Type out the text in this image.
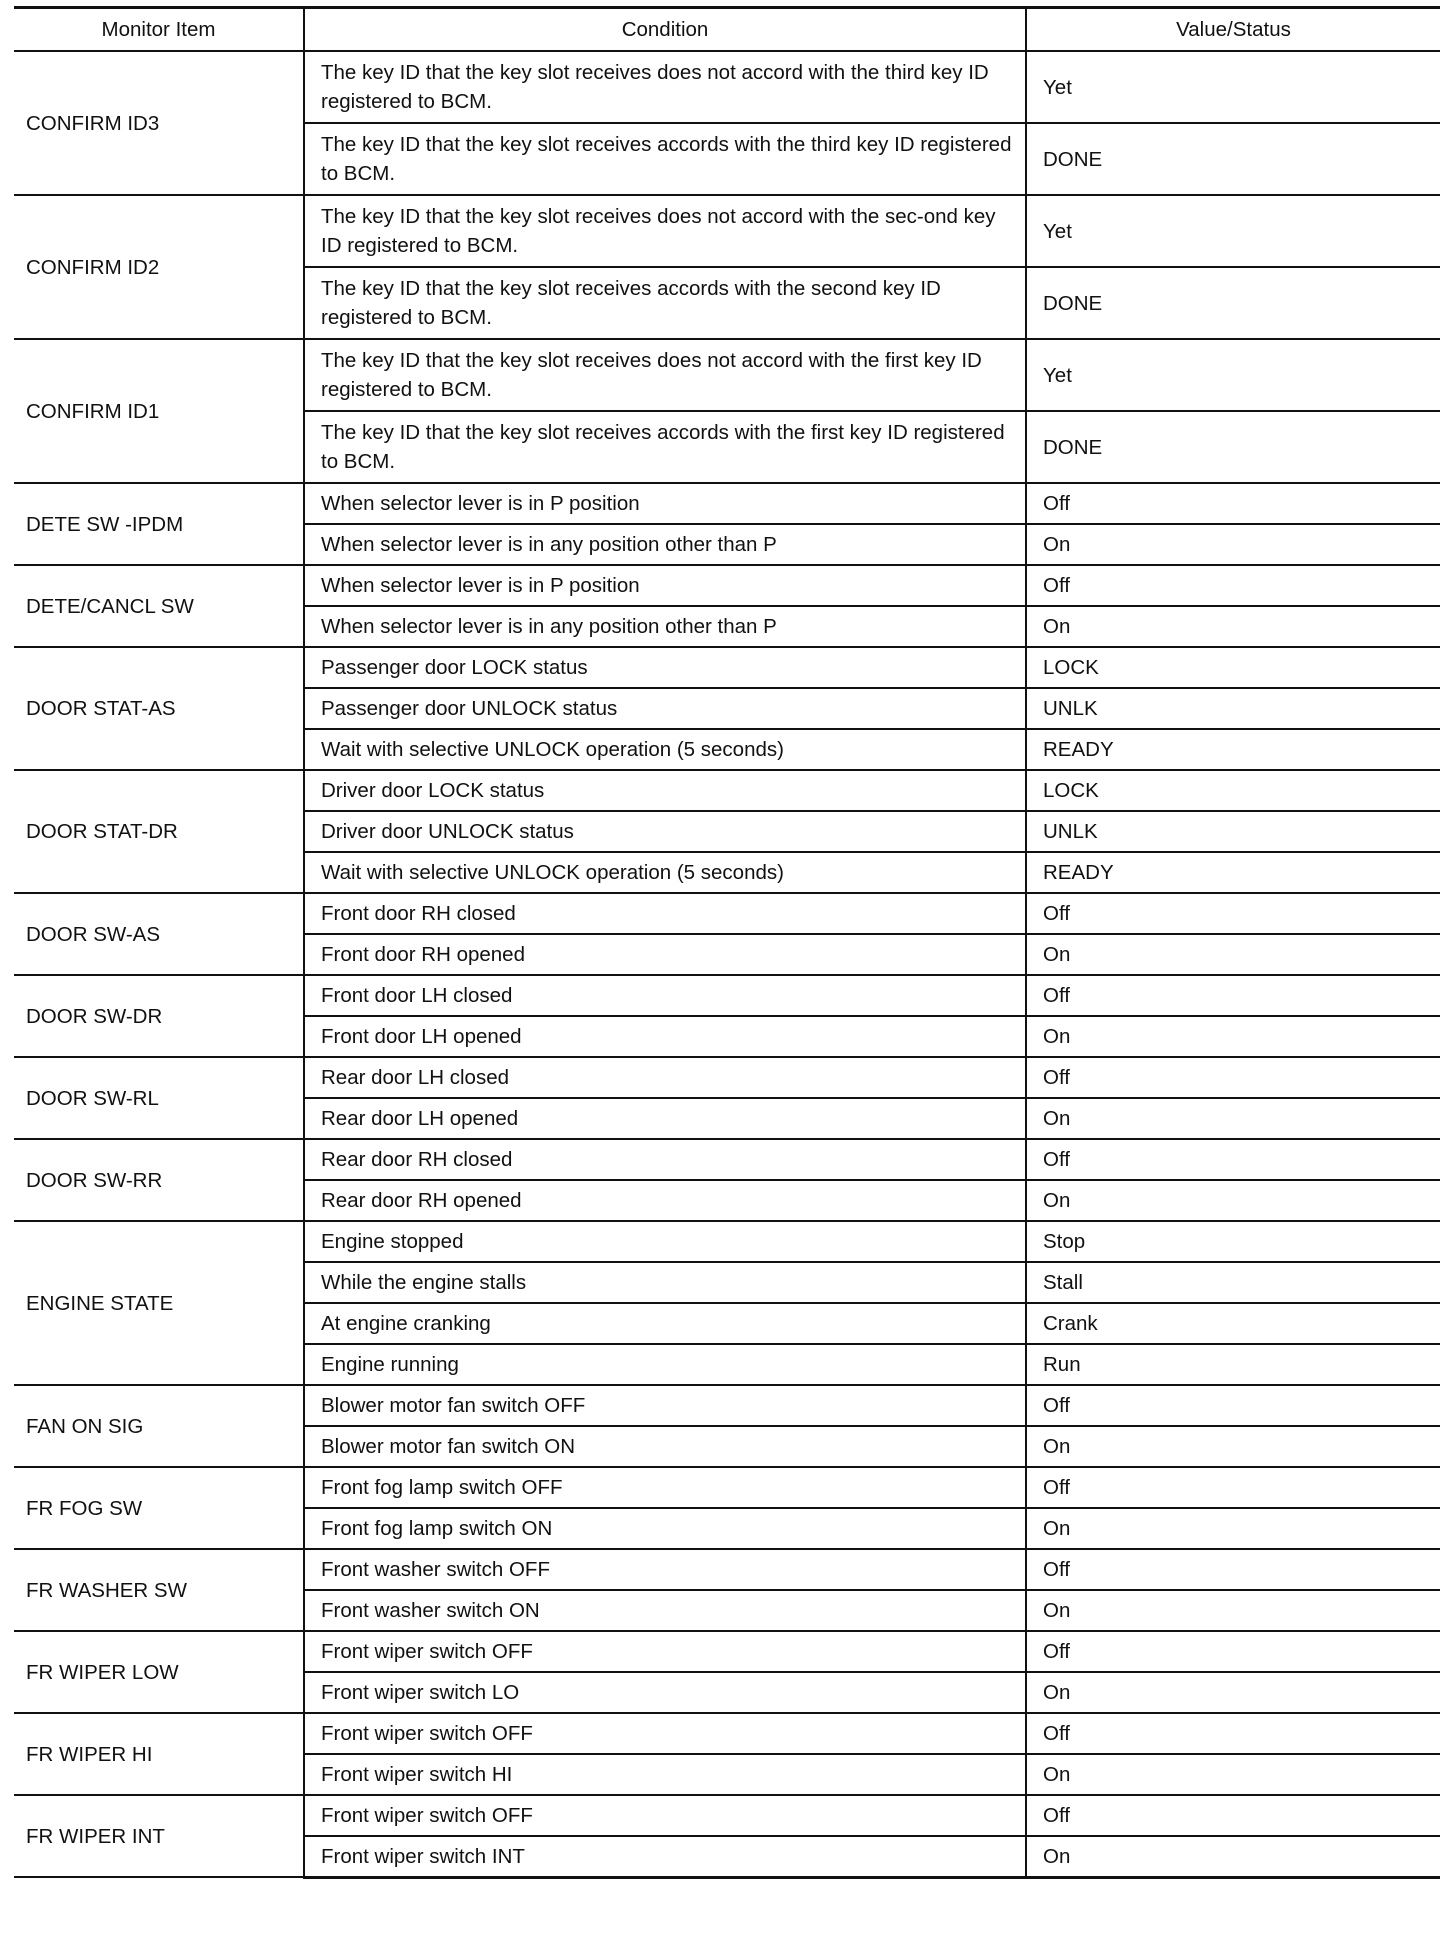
Monitor Item	Condition	Value/Status
CONFIRM ID3	The key ID that the key slot receives does not accord with the third key ID registered to BCM.	Yet
	The key ID that the key slot receives accords with the third key ID registered to BCM.	DONE
CONFIRM ID2	The key ID that the key slot receives does not accord with the sec-ond key ID registered to BCM.	Yet
	The key ID that the key slot receives accords with the second key ID registered to BCM.	DONE
CONFIRM ID1	The key ID that the key slot receives does not accord with the first key ID registered to BCM.	Yet
	The key ID that the key slot receives accords with the first key ID registered to BCM.	DONE
DETE SW -IPDM	When selector lever is in P position	Off
	When selector lever is in any position other than P	On
DETE/CANCL SW	When selector lever is in P position	Off
	When selector lever is in any position other than P	On
DOOR STAT-AS	Passenger door LOCK status	LOCK
	Passenger door UNLOCK status	UNLK
	Wait with selective UNLOCK operation (5 seconds)	READY
DOOR STAT-DR	Driver door LOCK status	LOCK
	Driver door UNLOCK status	UNLK
	Wait with selective UNLOCK operation (5 seconds)	READY
DOOR SW-AS	Front door RH closed	Off
	Front door RH opened	On
DOOR SW-DR	Front door LH closed	Off
	Front door LH opened	On
DOOR SW-RL	Rear door LH closed	Off
	Rear door LH opened	On
DOOR SW-RR	Rear door RH closed	Off
	Rear door RH opened	On
ENGINE STATE	Engine stopped	Stop
	While the engine stalls	Stall
	At engine cranking	Crank
	Engine running	Run
FAN ON SIG	Blower motor fan switch OFF	Off
	Blower motor fan switch ON	On
FR FOG SW	Front fog lamp switch OFF	Off
	Front fog lamp switch ON	On
FR WASHER SW	Front washer switch OFF	Off
	Front washer switch ON	On
FR WIPER LOW	Front wiper switch OFF	Off
	Front wiper switch LO	On
FR WIPER HI	Front wiper switch OFF	Off
	Front wiper switch HI	On
FR WIPER INT	Front wiper switch OFF	Off
	Front wiper switch INT	On
